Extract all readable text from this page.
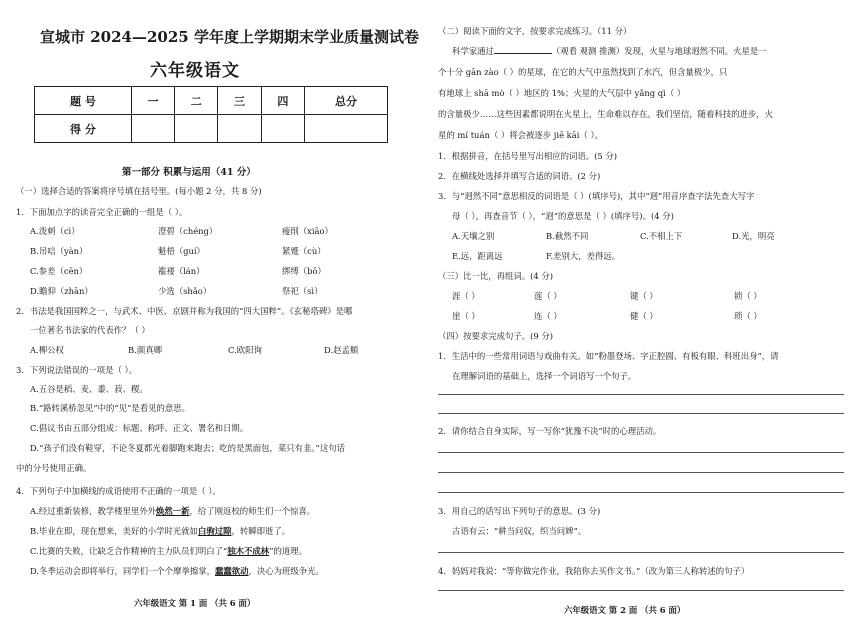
宣城市 2024—2025 学年度上学期期末学业质量测试卷
六年级语文
题 号	一	二	三	四	总分
得 分					
第一部分 积累与运用（41 分）
（一）选择合适的答案将序号填在括号里。(每小题 2 分，共 8 分)
1．下面加点字的读音完全正确的一组是（ ）。
A.泼刺（cì）	澄碧（chéng）	瘦削（xiāo）
B.吊唁（yàn）	魁梧（guí）	紧蹙（cù）
C.参差（cēn）	褴褛（lán）	绑缚（bō）
D.瞻仰（zhān）	少选（shǎo）	祭祀（sì）
2．书法是我国国粹之一，与武术、中医、京剧并称为我国的“四大国粹”。《玄秘塔碑》是哪
一位著名书法家的代表作？（ ）
A.柳公权	B.颜真卿	C.欧阳询	D.赵孟頫
3．下列说法错误的一项是（ ）。
A.五谷是稻、麦、黍、菽、稷。
B.“路转溪桥忽见”中的“见”是看见的意思。
C.倡议书由五部分组成：标题、称呼、正文、署名和日期。
D.“孩子们没有鞋穿，不论冬夏都光着脚跑来跑去；吃的是黑面包，菜只有韭。”这句话
中的分号使用正确。
4．下列句子中加横线的成语使用不正确的一项是（ ）。
A.经过重新装修，教学楼里里外外焕然一新，给了刚返校的师生们一个惊喜。
B.毕业在即，现在想来，美好的小学时光就如白驹过隙，转瞬即逝了。
C.比赛的失败，让缺乏合作精神的主力队员们明白了“独木不成林”的道理。
D.冬季运动会即将举行，同学们一个个摩拳擦掌，蠢蠢欲动，决心为班级争光。
六年级语文 第 1 面 （共 6 面）
（二）阅读下面的文字，按要求完成练习。（11 分）
科学家通过	（观看 观测 推测）发现，火星与地球迥然不同。火星是一
个十分 gān zào（ ）的星球，在它的大气中虽然找到了水汽，但含量极少，只
有地球上 shā mò（ ）地区的 1%；火星的大气层中 yǎng qì（ ）
的含量极少……这些因素都说明在火星上，生命难以存在。我们坚信，随着科技的进步，火
星的 mí tuán（ ）将会被逐步 jiē kāi（ ）。
1．根据拼音，在括号里写出相应的词语。(5 分)
2．在横线处选择并填写合适的词语。(2 分)
3．与“迥然不同”意思相反的词语是（ ）(填序号)，其中“迥”用音序查字法先查大写字
母（ ），再查音节（ ），“迥”的意思是（ ）(填序号)。(4 分)
A.天壤之别	B.截然不同	C.不相上下	D.光，明亮
E.远，距离远	F.差别大，差得远。
（三）比一比，再组词。(4 分)
涯（ ）	莲（ ）	键（ ）	锁（ ）
崖（ ）	连（ ）	健（ ）	琐（ ）
（四）按要求完成句子。(9 分)
1．生活中的一些常用词语与戏曲有关。如“粉墨登场、字正腔圆、有板有眼、科班出身”，请
在理解词语的基础上，选择一个词语写一个句子。
2．请你结合自身实际，写一写你“犹豫不决”时的心理活动。
3．用自己的话写出下列句子的意思。(3 分)
古语有云：“耕当问奴，织当问婢”。
4．妈妈对我说：“等你做完作业，我陪你去买作文书。”（改为第三人称转述的句子）
六年级语文 第 2 面 （共 6 面）
